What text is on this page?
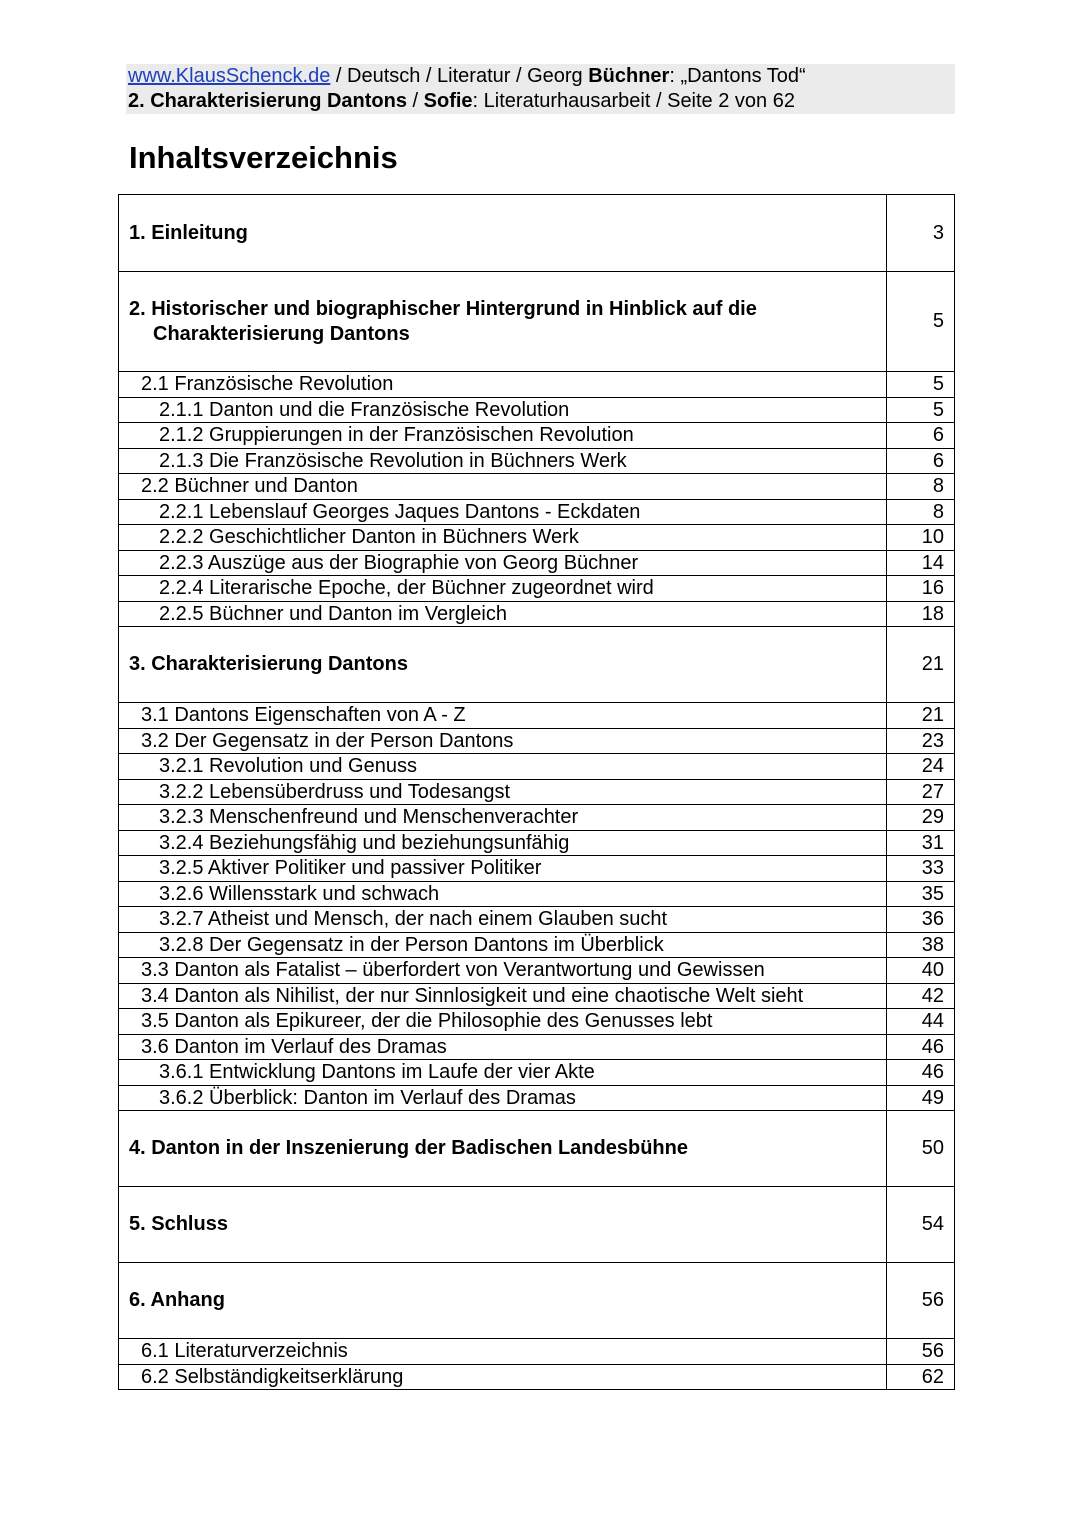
www.KlausSchenck.de / Deutsch / Literatur / Georg Büchner: „Dantons Tod“
2. Charakterisierung Dantons / Sofie: Literaturhausarbeit / Seite 2 von 62
Inhaltsverzeichnis
1. Einleitung	3

2. Historischer und biographischer Hintergrund in Hinblick auf die
Charakterisierung Dantons	5
2.1 Französische Revolution	5
2.1.1 Danton und die Französische Revolution	5
2.1.2 Gruppierungen in der Französischen Revolution	6
2.1.3 Die Französische Revolution in Büchners Werk	6
2.2 Büchner und Danton	8
2.2.1 Lebenslauf Georges Jaques Dantons - Eckdaten	8
2.2.2 Geschichtlicher Danton in Büchners Werk	10
2.2.3 Auszüge aus der Biographie von Georg Büchner	14
2.2.4 Literarische Epoche, der Büchner zugeordnet wird	16
2.2.5 Büchner und Danton im Vergleich	18
3. Charakterisierung Dantons	21
3.1 Dantons Eigenschaften von A - Z	21
3.2 Der Gegensatz in der Person Dantons	23
3.2.1 Revolution und Genuss	24
3.2.2 Lebensüberdruss und Todesangst	27
3.2.3 Menschenfreund und Menschenverachter	29
3.2.4 Beziehungsfähig und beziehungsunfähig	31
3.2.5 Aktiver Politiker und passiver Politiker	33
3.2.6 Willensstark und schwach	35
3.2.7 Atheist und Mensch, der nach einem Glauben sucht	36
3.2.8 Der Gegensatz in der Person Dantons im Überblick	38
3.3 Danton als Fatalist – überfordert von Verantwortung und Gewissen	40
3.4 Danton als Nihilist, der nur Sinnlosigkeit und eine chaotische Welt sieht	42
3.5 Danton als Epikureer, der die Philosophie des Genusses lebt	44
3.6 Danton im Verlauf des Dramas	46
3.6.1 Entwicklung Dantons im Laufe der vier Akte	46
3.6.2 Überblick: Danton im Verlauf des Dramas	49
4. Danton in der Inszenierung der Badischen Landesbühne	50
5. Schluss	54
6. Anhang	56
6.1 Literaturverzeichnis	56
6.2 Selbständigkeitserklärung	62
